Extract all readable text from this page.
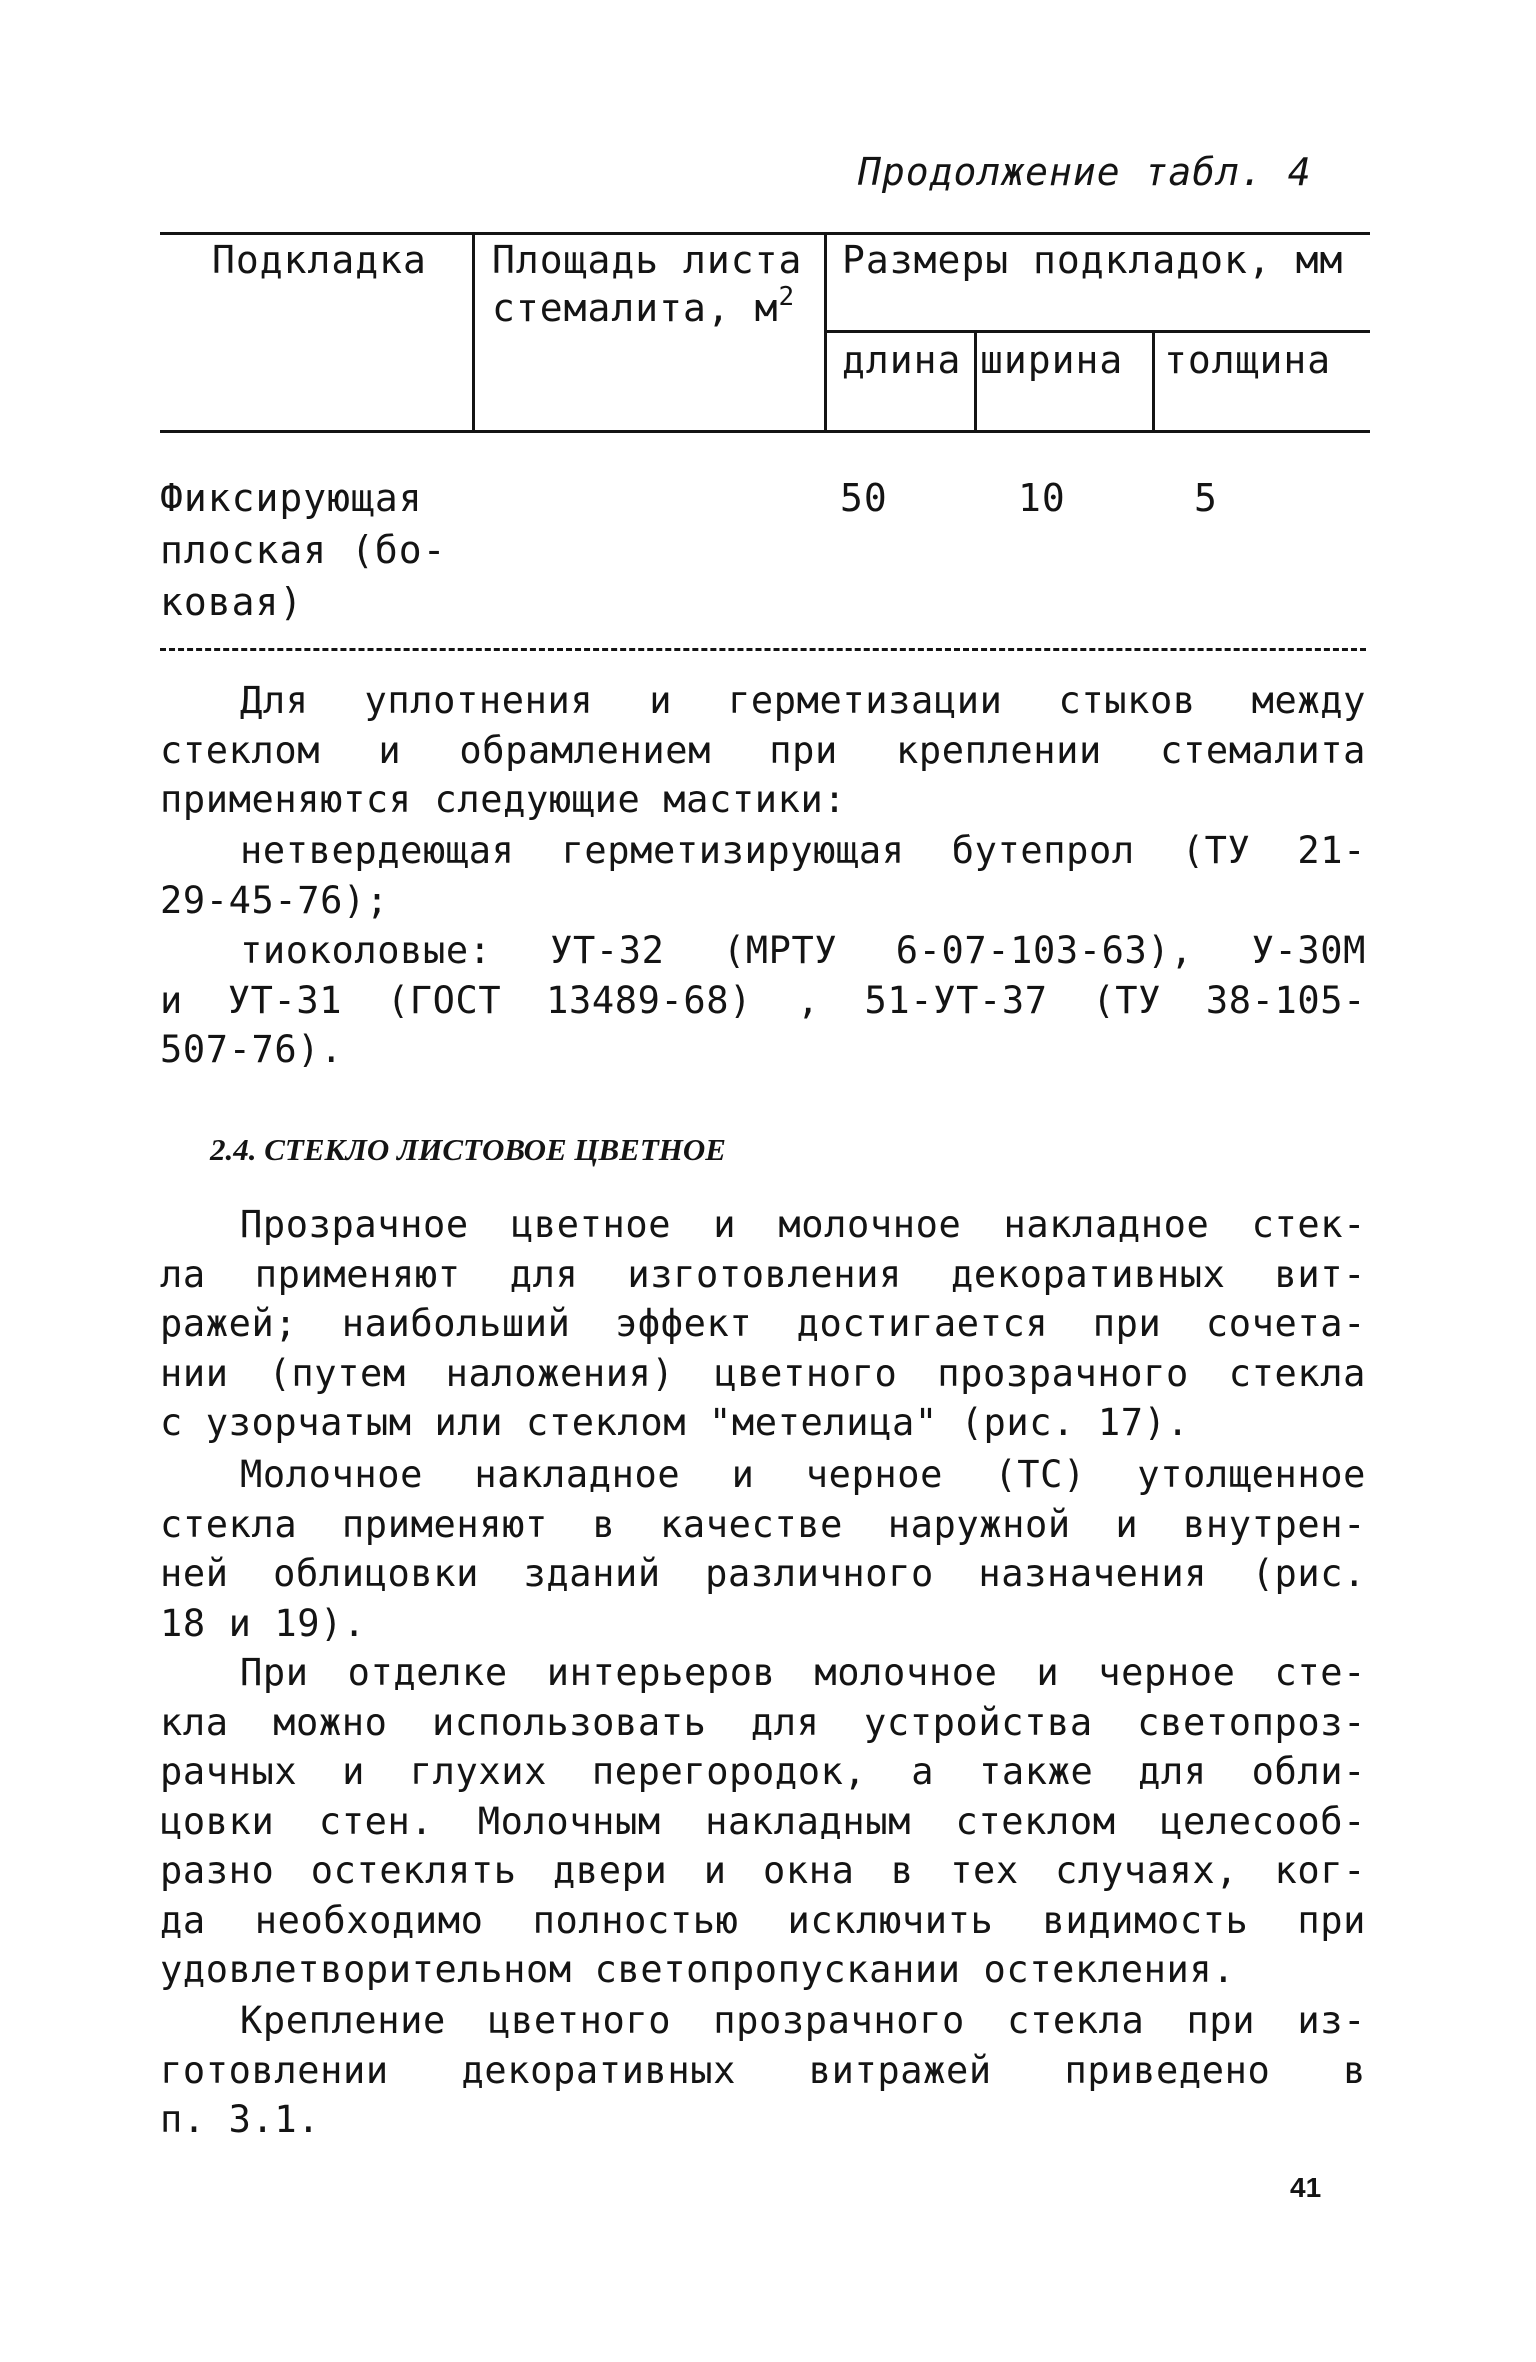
Продолжение табл. 4
Подкладка Площадь листа
стемалита, $м^2$
Размеры подкладок, мм
длина ширина толщина
Фиксирующая
плоская (бо-
ковая)
50	10	5
Для уплотнения и герметизации стыков между
стеклом и обрамлением при креплении стемалита
применяются следующие мастики:
нетвердеющая герметизирующая бутепрол (ТУ 21-
29-45-76);
тиоколовые: УТ-32 (МРТУ 6-07-103-63), У-30М
и УТ-31 (ГОСТ 13489-68) , 51-УТ-37 (ТУ 38-105-
507-76).
2.4. СТЕКЛО ЛИСТОВОЕ ЦВЕТНОЕ
Прозрачное цветное и молочное накладное стек-
ла применяют для изготовления декоративных вит-
ражей; наибольший эффект достигается при сочета-
нии (путем наложения) цветного прозрачного стекла
с узорчатым или стеклом "метелица" (рис. 17).
Молочное накладное и черное (ТС) утолщенное
стекла применяют в качестве наружной и внутрен-
ней облицовки зданий различного назначения (рис.
18 и 19).
При отделке интерьеров молочное и черное сте-
кла можно использовать для устройства светопроз-
рачных и глухих перегородок, а также для обли-
цовки стен. Молочным накладным стеклом целесооб-
разно остеклять двери и окна в тех случаях, ког-
да необходимо полностью исключить видимость при
удовлетворительном светопропускании остекления.
Крепление цветного прозрачного стекла при из-
готовлении декоративных витражей приведено в
п. 3.1.
41
